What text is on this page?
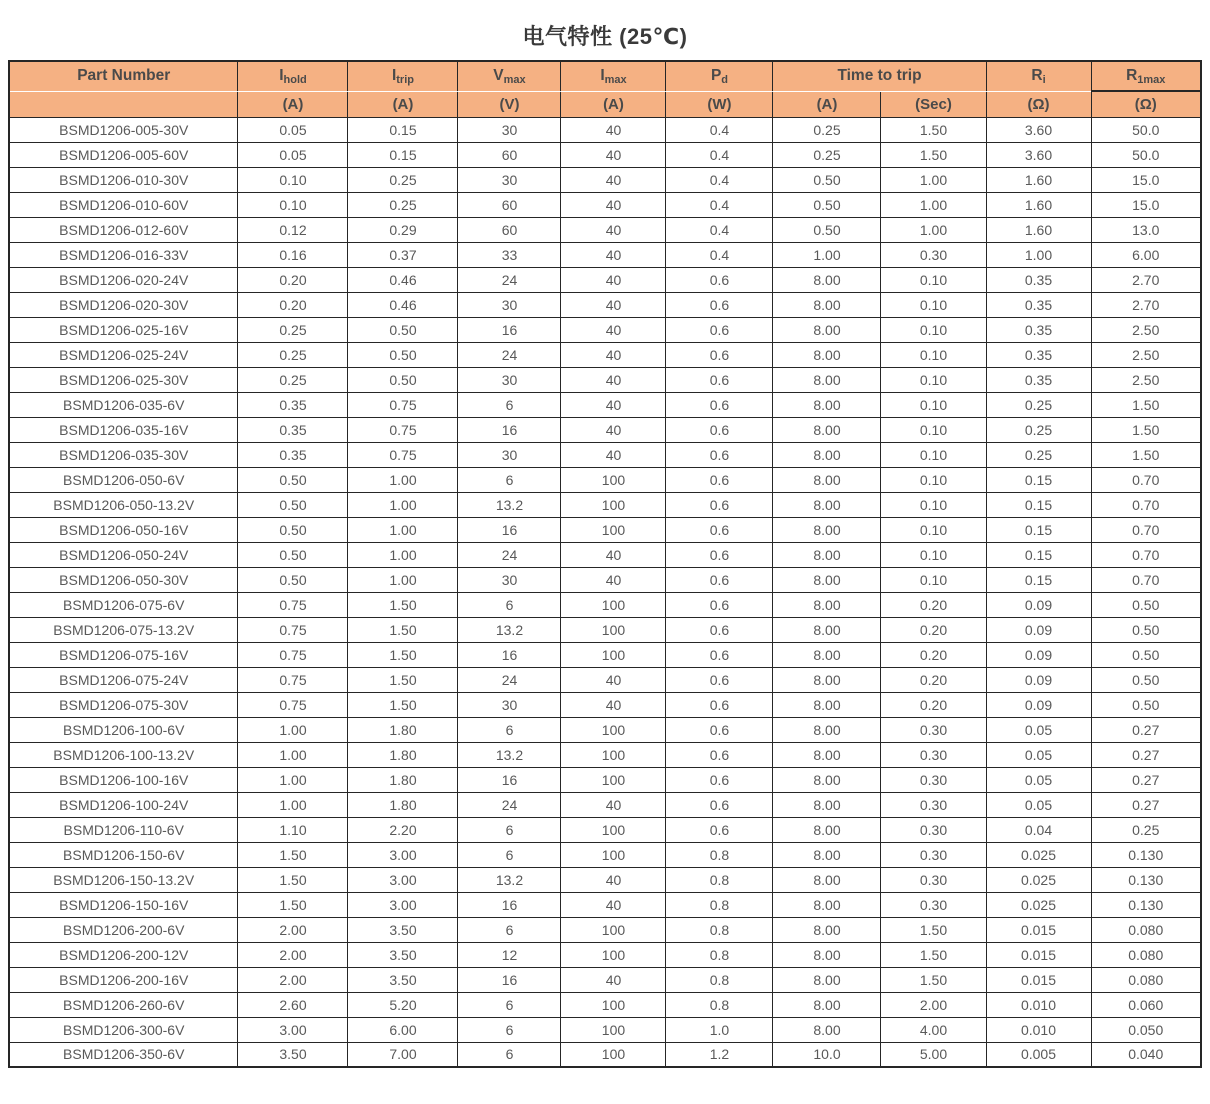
电气特性 (25℃)
Part Number	$I_{hold}$	$I_{trip}$	$V_{max}$	$I_{max}$	$P_d$	Time to trip		$R_i$	$R_{1max}$
	(A)	(A)	(V)	(A)	(W)	(A)	(Sec)	(Ω)	(Ω)
BSMD1206-005-30V	0.05	0.15	30	40	0.4	0.25	1.50	3.60	50.0
BSMD1206-005-60V	0.05	0.15	60	40	0.4	0.25	1.50	3.60	50.0
BSMD1206-010-30V	0.10	0.25	30	40	0.4	0.50	1.00	1.60	15.0
BSMD1206-010-60V	0.10	0.25	60	40	0.4	0.50	1.00	1.60	15.0
BSMD1206-012-60V	0.12	0.29	60	40	0.4	0.50	1.00	1.60	13.0
BSMD1206-016-33V	0.16	0.37	33	40	0.4	1.00	0.30	1.00	6.00
BSMD1206-020-24V	0.20	0.46	24	40	0.6	8.00	0.10	0.35	2.70
BSMD1206-020-30V	0.20	0.46	30	40	0.6	8.00	0.10	0.35	2.70
BSMD1206-025-16V	0.25	0.50	16	40	0.6	8.00	0.10	0.35	2.50
BSMD1206-025-24V	0.25	0.50	24	40	0.6	8.00	0.10	0.35	2.50
BSMD1206-025-30V	0.25	0.50	30	40	0.6	8.00	0.10	0.35	2.50
BSMD1206-035-6V	0.35	0.75	6	40	0.6	8.00	0.10	0.25	1.50
BSMD1206-035-16V	0.35	0.75	16	40	0.6	8.00	0.10	0.25	1.50
BSMD1206-035-30V	0.35	0.75	30	40	0.6	8.00	0.10	0.25	1.50
BSMD1206-050-6V	0.50	1.00	6	100	0.6	8.00	0.10	0.15	0.70
BSMD1206-050-13.2V	0.50	1.00	13.2	100	0.6	8.00	0.10	0.15	0.70
BSMD1206-050-16V	0.50	1.00	16	100	0.6	8.00	0.10	0.15	0.70
BSMD1206-050-24V	0.50	1.00	24	40	0.6	8.00	0.10	0.15	0.70
BSMD1206-050-30V	0.50	1.00	30	40	0.6	8.00	0.10	0.15	0.70
BSMD1206-075-6V	0.75	1.50	6	100	0.6	8.00	0.20	0.09	0.50
BSMD1206-075-13.2V	0.75	1.50	13.2	100	0.6	8.00	0.20	0.09	0.50
BSMD1206-075-16V	0.75	1.50	16	100	0.6	8.00	0.20	0.09	0.50
BSMD1206-075-24V	0.75	1.50	24	40	0.6	8.00	0.20	0.09	0.50
BSMD1206-075-30V	0.75	1.50	30	40	0.6	8.00	0.20	0.09	0.50
BSMD1206-100-6V	1.00	1.80	6	100	0.6	8.00	0.30	0.05	0.27
BSMD1206-100-13.2V	1.00	1.80	13.2	100	0.6	8.00	0.30	0.05	0.27
BSMD1206-100-16V	1.00	1.80	16	100	0.6	8.00	0.30	0.05	0.27
BSMD1206-100-24V	1.00	1.80	24	40	0.6	8.00	0.30	0.05	0.27
BSMD1206-110-6V	1.10	2.20	6	100	0.6	8.00	0.30	0.04	0.25
BSMD1206-150-6V	1.50	3.00	6	100	0.8	8.00	0.30	0.025	0.130
BSMD1206-150-13.2V	1.50	3.00	13.2	40	0.8	8.00	0.30	0.025	0.130
BSMD1206-150-16V	1.50	3.00	16	40	0.8	8.00	0.30	0.025	0.130
BSMD1206-200-6V	2.00	3.50	6	100	0.8	8.00	1.50	0.015	0.080
BSMD1206-200-12V	2.00	3.50	12	100	0.8	8.00	1.50	0.015	0.080
BSMD1206-200-16V	2.00	3.50	16	40	0.8	8.00	1.50	0.015	0.080
BSMD1206-260-6V	2.60	5.20	6	100	0.8	8.00	2.00	0.010	0.060
BSMD1206-300-6V	3.00	6.00	6	100	1.0	8.00	4.00	0.010	0.050
BSMD1206-350-6V	3.50	7.00	6	100	1.2	10.0	5.00	0.005	0.040
